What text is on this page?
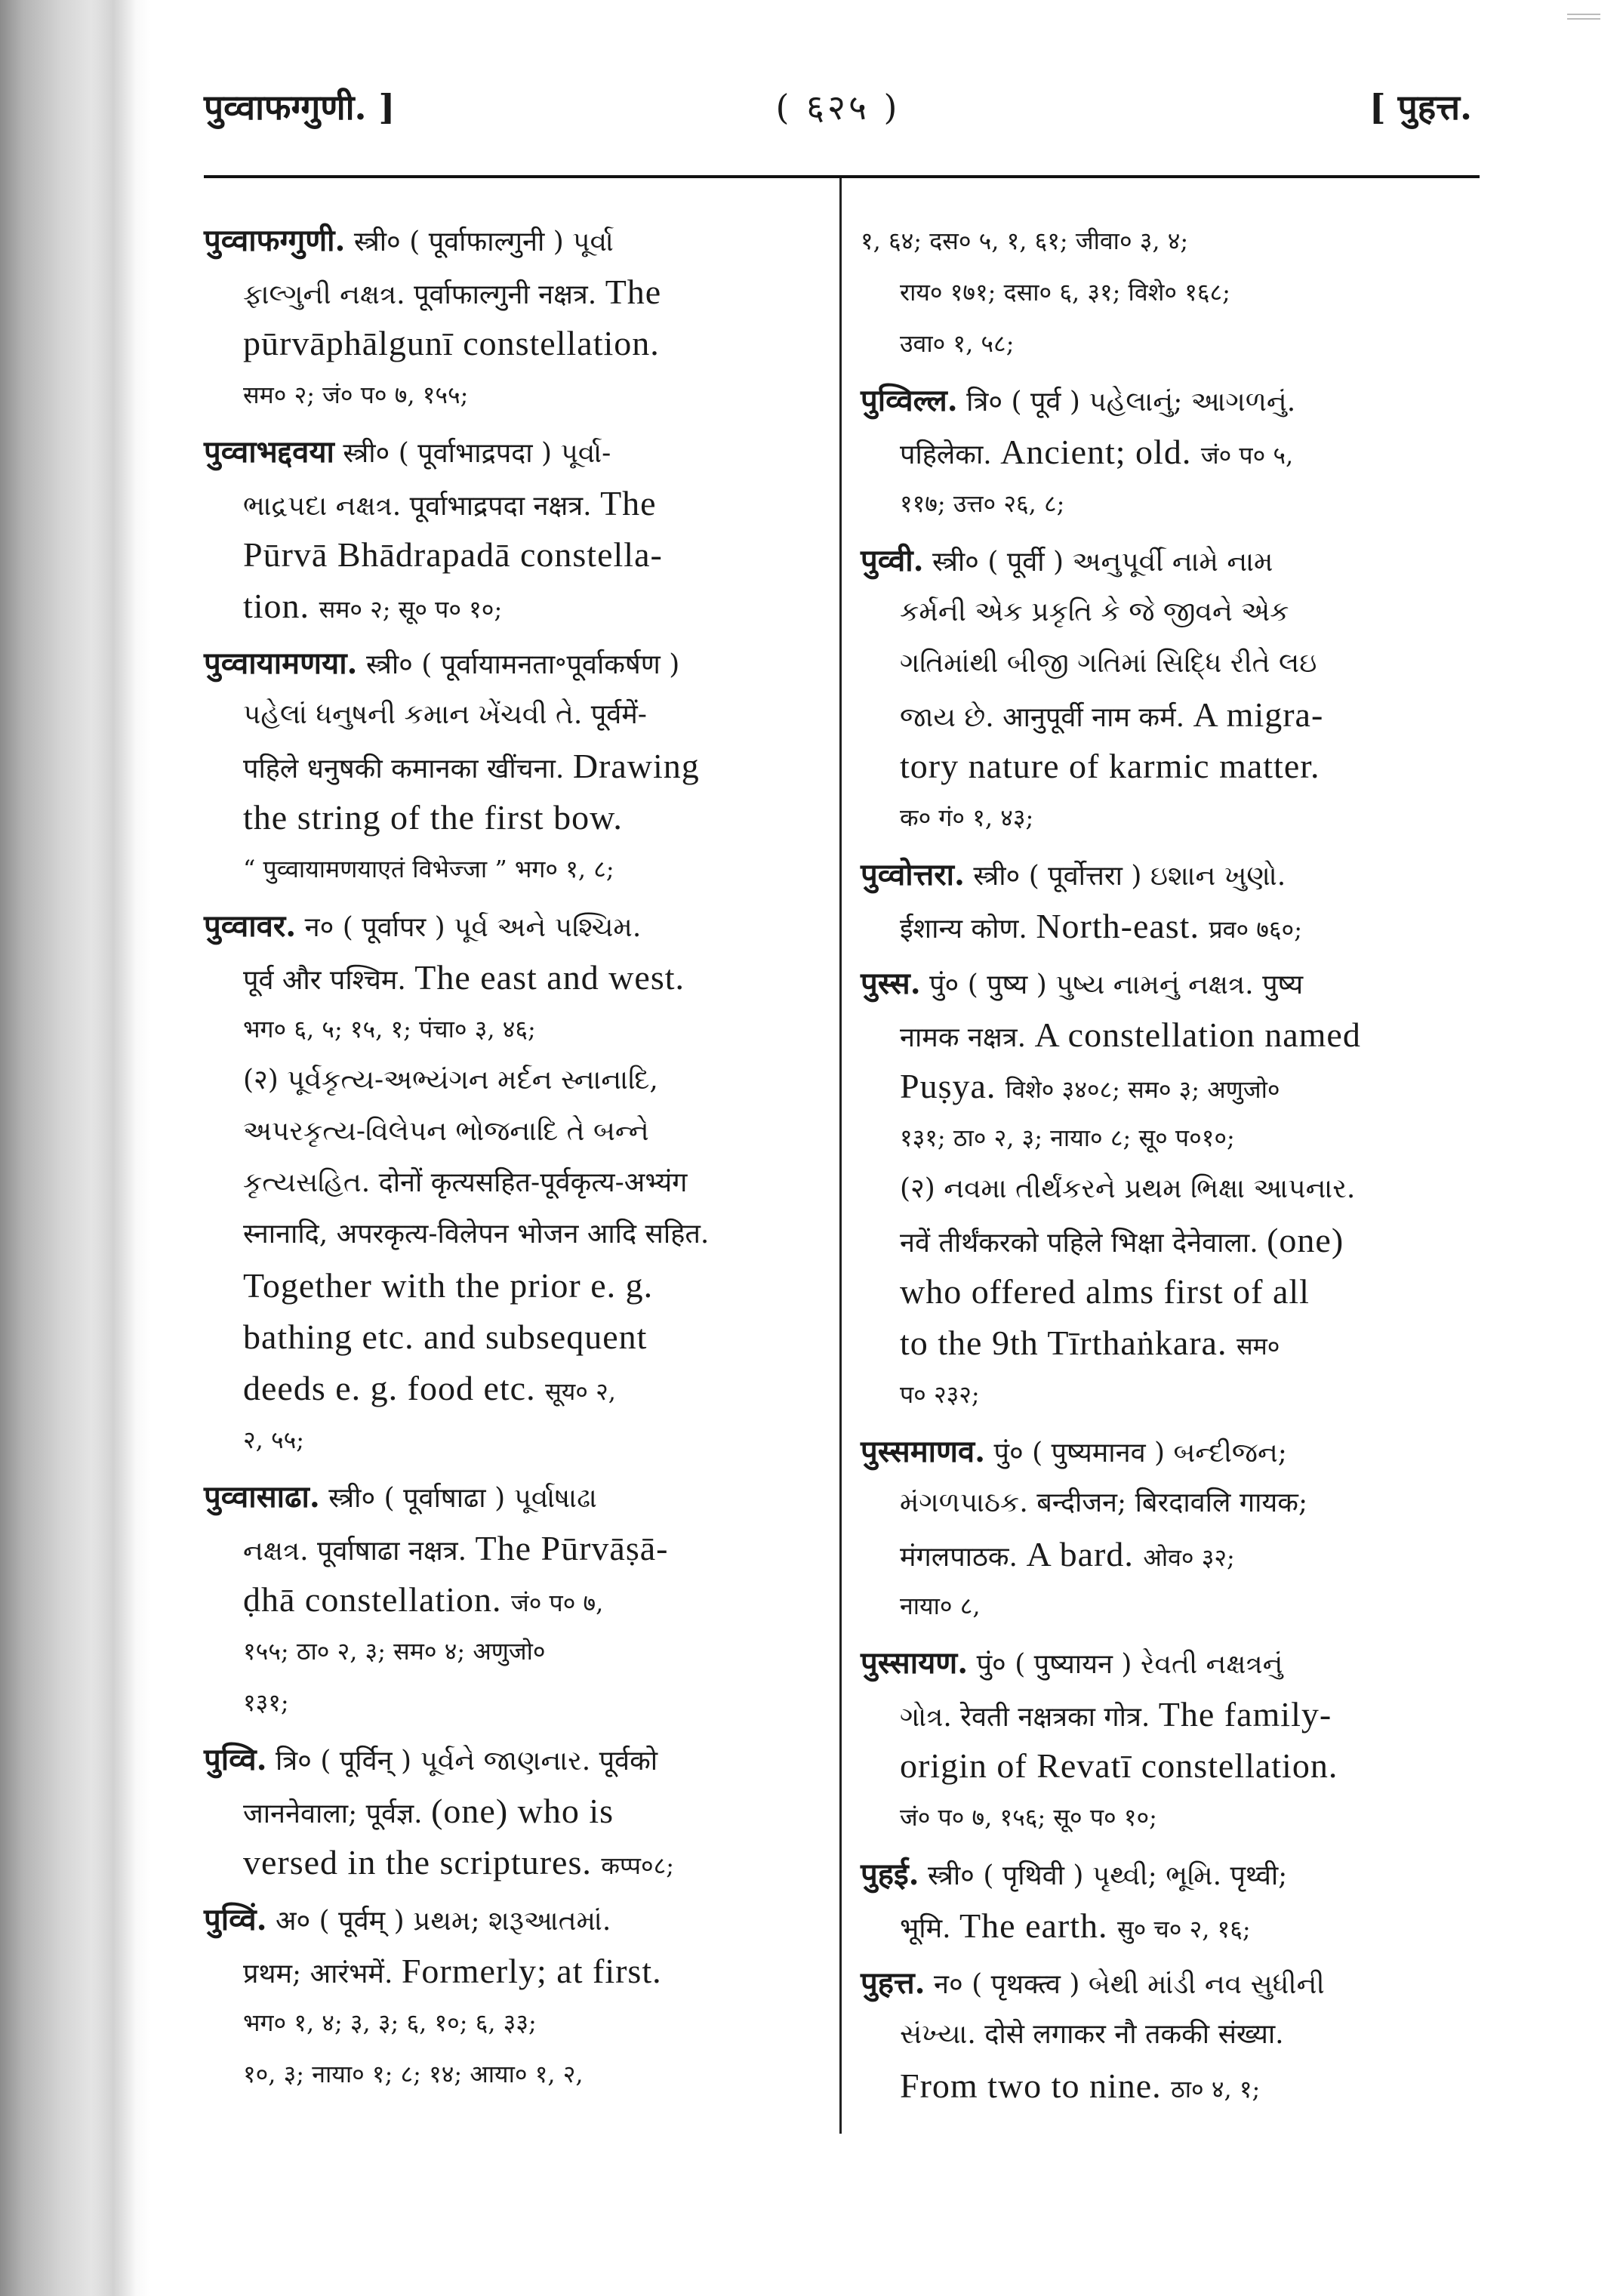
पुव्वाफग्गुणी. ]	( ६२५ )	[ पुहत्त.
पुव्वाफग्गुणी. स्त्री० ( पूर्वाफाल्गुनी ) પૂર્વા
ફાલ્ગુની નક્ષત્ર. पूर्वाफाल्गुनी नक्षत्र. The
pūrvāphālgunī constellation.
सम० २; जं० प० ७, १५५;
पुव्वाभद्दवया स्त्री० ( पूर्वाभाद्रपदा ) પૂર્વા-
ભાદ્રપદા નક્ષત્ર. पूर्वाभाद्रपदा नक्षत्र. The
Pūrvā Bhādrapadā constella-
tion. सम० २; सू० प० १०;
पुव्वायामणया. स्त्री० ( पूर्वायामनता॰पूर्वाकर्षण )
પહેલાં ધનુષની કમાન ખેંચવી તે. पूर्वमें-
पहिले धनुषकी कमानका खींचना. Drawing
the string of the first bow.
“ पुव्वायामणयाएतं विभेज्जा ” भग० १, ८;
पुव्वावर. न० ( पूर्वापर ) પૂર્વ અને પશ્ચિમ.
पूर्व और पश्चिम. The east and west.
भग० ६, ५; १५, १; पंचा० ३, ४६;
(२) પૂર્વકૃત્ય-અભ્યંગન મર્દન સ્નાનાદિ,
અપરકૃત્ય-વિલેપન ભોજનાદિ તે બન્ને
કૃત્યસહિત. दोनों कृत्यसहित-पूर्वकृत्य-अभ्यंग
स्नानादि, अपरकृत्य-विलेपन भोजन आदि सहित.
Together with the prior e. g.
bathing etc. and subsequent
deeds e. g. food etc. सूय० २,
२, ५५;
पुव्वासाढा. स्त्री० ( पूर्वाषाढा ) પૂર્વાષાઢા
નક્ષત્ર. पूर्वाषाढा नक्षत्र. The Pūrvāṣā-
ḍhā constellation. जं० प० ७,
१५५; ठा० २, ३; सम० ४; अणुजो०
१३१;
पुव्वि. त्रि० ( पूर्विन् ) પૂર્વને જાણનાર. पूर्वको
जाननेवाला; पूर्वज्ञ. (one) who is
versed in the scriptures. कप्प०८;
पुव्विं. अ० ( पूर्वम् ) પ્રથમ; શરૂઆતમાં.
प्रथम; आरंभमें. Formerly; at first.
भग० १, ४; ३, ३; ६, १०; ६, ३३;
१०, ३; नाया० १; ८; १४; आया० १, २,
१, ६४; दस० ५, १, ६१; जीवा० ३, ४;
राय० १७१; दसा० ६, ३१; विशे० १६८;
उवा० १, ५८;
पुव्विल्ल. त्रि० ( पूर्व ) પહેલાનું; આગળનું.
पहिलेका. Ancient; old. जं० प० ५,
११७; उत्त० २६, ८;
पुव्वी. स्त्री० ( पूर्वी ) અનુપૂર્વી નામે નામ
કર્મની એક પ્રકૃતિ કે જે જીવને એક
ગતિમાંથી બીજી ગતિમાં સિદ્ધિ રીતે લઇ
જાય છે. आनुपूर्वी नाम कर्म. A migra-
tory nature of karmic matter.
क० गं० १, ४३;
पुव्वोत्तरा. स्त्री० ( पूर्वोत्तरा ) ઇશાન ખુણો.
ईशान्य कोण. North-east. प्रव० ७६०;
पुस्स. पुं० ( पुष्य ) પુષ્ય નામનું નક્ષત્ર. पुष्य
नामक नक्षत्र. A constellation named
Puṣya. विशे० ३४०८; सम० ३; अणुजो०
१३१; ठा० २, ३; नाया० ८; सू० प०१०;
(२) નવમા તીર્થંકરને પ્રથમ ભિક્ષા આપનાર.
नवें तीर्थंकरको पहिले भिक्षा देनेवाला. (one)
who offered alms first of all
to the 9th Tīrthaṅkara. सम०
प० २३२;
पुस्समाणव. पुं० ( पुष्यमानव ) બન્દીજન;
મંગળપાઠક. बन्दीजन; बिरदावलि गायक;
मंगलपाठक. A bard. ओव० ३२;
नाया० ८,
पुस्सायण. पुं० ( पुष्यायन ) રેવતી નક્ષત્રનું
ગોત્ર. रेवती नक्षत्रका गोत्र. The family-
origin of Revatī constellation.
जं० प० ७, १५६; सू० प० १०;
पुहई. स्त्री० ( पृथिवी ) પૃથ્વી; ભૂમિ. पृथ्वी;
भूमि. The earth. सु० च० २, १६;
पुहत्त. न० ( पृथक्त्व ) બેથી માંડી નવ સુધીની
સંખ્યા. दोसे लगाकर नौ तककी संख्या.
From two to nine. ठा० ४, १;
